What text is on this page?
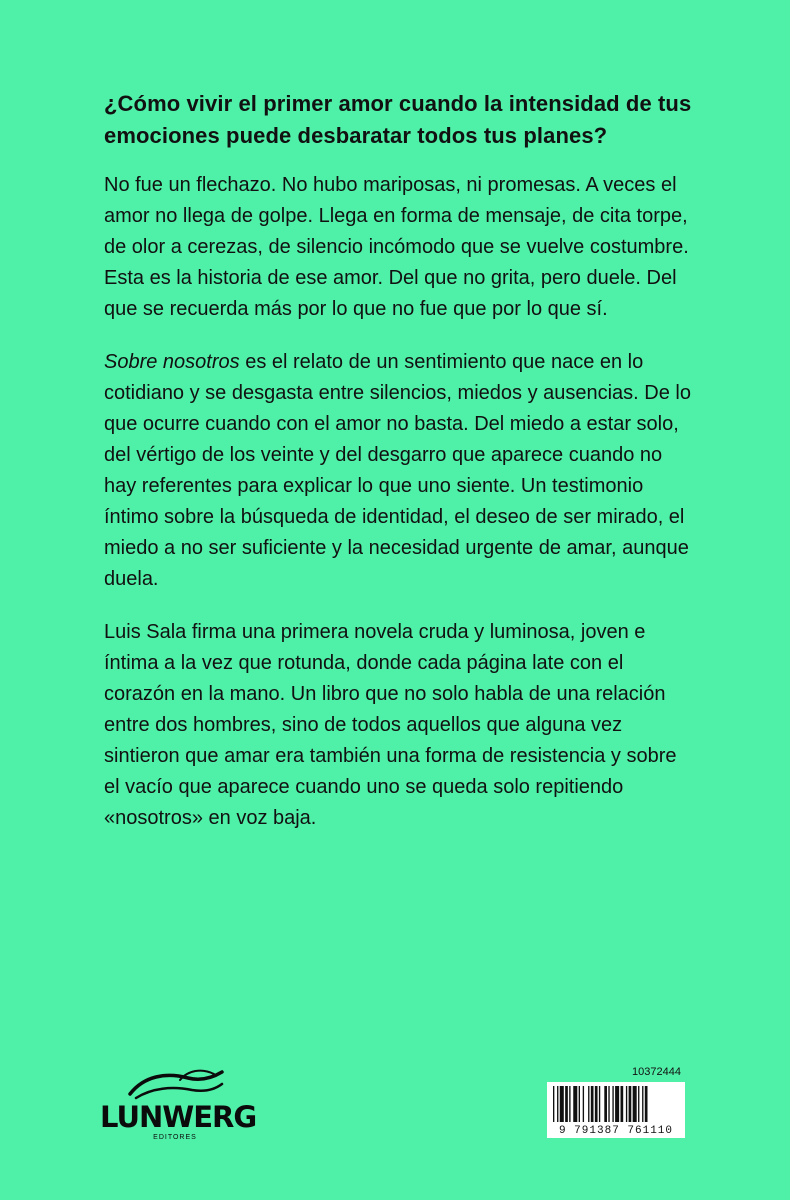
¿Cómo vivir el primer amor cuando la intensidad de tus emociones puede desbaratar todos tus planes?

No fue un flechazo. No hubo mariposas, ni promesas. A veces el amor no llega de golpe. Llega en forma de mensaje, de cita torpe, de olor a cerezas, de silencio incómodo que se vuelve costumbre. Esta es la historia de ese amor. Del que no grita, pero duele. Del que se recuerda más por lo que no fue que por lo que sí.

Sobre nosotros es el relato de un sentimiento que nace en lo cotidiano y se desgasta entre silencios, miedos y ausencias. De lo que ocurre cuando con el amor no basta. Del miedo a estar solo, del vértigo de los veinte y del desgarro que aparece cuando no hay referentes para explicar lo que uno siente. Un testimonio íntimo sobre la búsqueda de identidad, el deseo de ser mirado, el miedo a no ser suficiente y la necesidad urgente de amar, aunque duela.

Luis Sala firma una primera novela cruda y luminosa, joven e íntima a la vez que rotunda, donde cada página late con el corazón en la mano. Un libro que no solo habla de una relación entre dos hombres, sino de todos aquellos que alguna vez sintieron que amar era también una forma de resistencia y sobre el vacío que aparece cuando uno se queda solo repitiendo «nosotros» en voz baja.

LUNWERG
EDITORES
10372444
9 791387 761110
